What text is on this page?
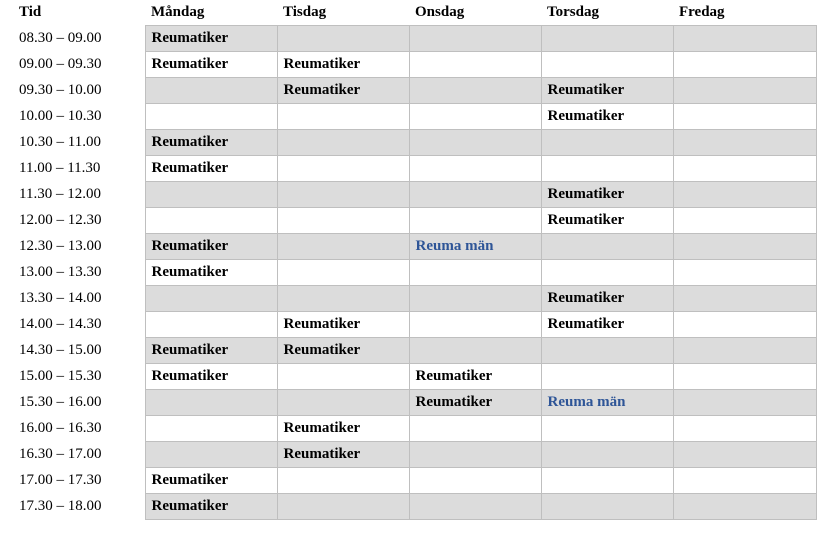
Tid	Måndag	Tisdag	Onsdag	Torsdag	Fredag
08.30 – 09.00	Reumatiker				
09.00 – 09.30	Reumatiker	Reumatiker			
09.30 – 10.00		Reumatiker		Reumatiker	
10.00 – 10.30				Reumatiker	
10.30 – 11.00	Reumatiker				
11.00 – 11.30	Reumatiker				
11.30 – 12.00				Reumatiker	
12.00 – 12.30				Reumatiker	
12.30 – 13.00	Reumatiker		Reuma män		
13.00 – 13.30	Reumatiker				
13.30 – 14.00				Reumatiker	
14.00 – 14.30		Reumatiker		Reumatiker	
14.30 – 15.00	Reumatiker	Reumatiker			
15.00 – 15.30	Reumatiker		Reumatiker		
15.30 – 16.00			Reumatiker	Reuma män	
16.00 – 16.30		Reumatiker			
16.30 – 17.00		Reumatiker			
17.00 – 17.30	Reumatiker				
17.30 – 18.00	Reumatiker				
